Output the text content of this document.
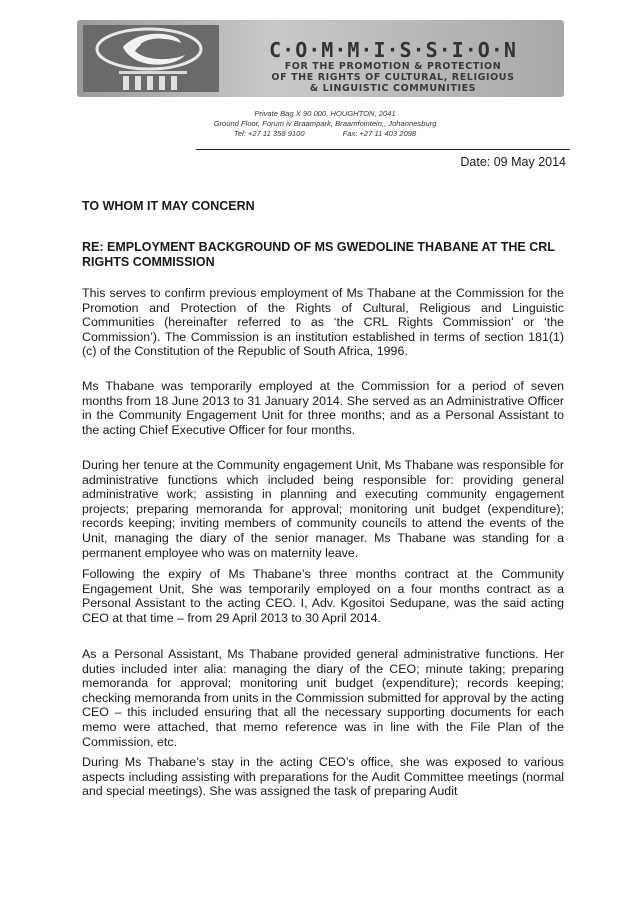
C·O·M·M·I·S·S·I·O·N
FOR THE PROMOTION & PROTECTION
OF THE RIGHTS OF CULTURAL, RELIGIOUS
& LINGUISTIC COMMUNITIES
Private Bag X 90 000, HOUGHTON, 2041
Ground Floor, Forum iv Braampark, Braamfointein,, Johannesburg
Tel: +27 11 358 9100	Fax: +27 11 403 2098
Date: 09 May 2014
TO WHOM IT MAY CONCERN
RE: EMPLOYMENT BACKGROUND OF MS GWEDOLINE THABANE AT THE CRL RIGHTS COMMISSION
This serves to confirm previous employment of Ms Thabane at the Commission for the Promotion and Protection of the Rights of Cultural, Religious and Linguistic Communities (hereinafter referred to as ‘the CRL Rights Commission’ or ‘the Commission’). The Commission is an institution established in terms of section 181(1)(c) of the Constitution of the Republic of South Africa, 1996.
Ms Thabane was temporarily employed at the Commission for a period of seven months from 18 June 2013 to 31 January 2014. She served as an Administrative Officer in the Community Engagement Unit for three months; and as a Personal Assistant to the acting Chief Executive Officer for four months.
During her tenure at the Community engagement Unit, Ms Thabane was responsible for administrative functions which included being responsible for: providing general administrative work; assisting in planning and executing community engagement projects; preparing memoranda for approval; monitoring unit budget (expenditure); records keeping; inviting members of community councils to attend the events of the Unit, managing the diary of the senior manager. Ms Thabane was standing for a permanent employee who was on maternity leave.
Following the expiry of Ms Thabane’s three months contract at the Community Engagement Unit, She was temporarily employed on a four months contract as a Personal Assistant to the acting CEO. I, Adv. Kgositoi Sedupane, was the said acting CEO at that time – from 29 April 2013 to 30 April 2014.
As a Personal Assistant, Ms Thabane provided general administrative functions. Her duties included inter alia: managing the diary of the CEO; minute taking; preparing memoranda for approval; monitoring unit budget (expenditure); records keeping; checking memoranda from units in the Commission submitted for approval by the acting CEO – this included ensuring that all the necessary supporting documents for each memo were attached, that memo reference was in line with the File Plan of the Commission, etc.
During Ms Thabane’s stay in the acting CEO’s office, she was exposed to various aspects including assisting with preparations for the Audit Committee meetings (normal and special meetings). She was assigned the task of preparing Audit
